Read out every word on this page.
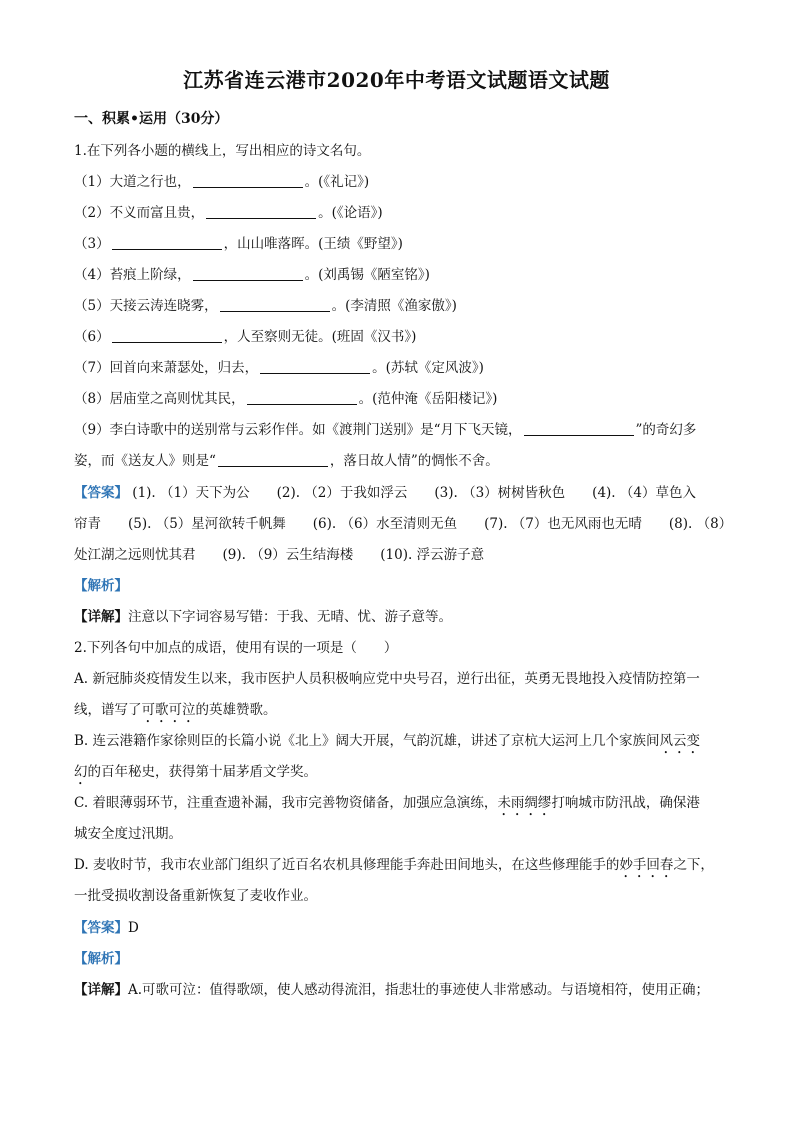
江苏省连云港市2020年中考语文试题语文试题
一、积累•运用（30分）
1.在下列各小题的横线上，写出相应的诗文名句。
（1）大道之行也，	。(《礼记》)
（2）不义而富且贵，	。(《论语》)
（3）	，山山唯落晖。(王绩《野望》)
（4）苔痕上阶绿，	。(刘禹锡《陋室铭》)
（5）天接云涛连晓雾，	。(李清照《渔家傲》)
（6）	，人至察则无徒。(班固《汉书》)
（7）回首向来萧瑟处，归去，	。(苏轼《定风波》)
（8）居庙堂之高则忧其民，	。(范仲淹《岳阳楼记》)
（9）李白诗歌中的送别常与云彩作伴。如《渡荆门送别》是“月下飞天镜，	”的奇幻多
姿，而《送友人》则是“	，落日故人情”的惆怅不舍。
【答案】 (1). （1）天下为公　　(2). （2）于我如浮云　　(3). （3）树树皆秋色　　(4). （4）草色入
帘青　　(5). （5）星河欲转千帆舞　　(6). （6）水至清则无鱼　　(7). （7）也无风雨也无晴　　(8). （8）
处江湖之远则忧其君　　(9). （9）云生结海楼　　(10). 浮云游子意
【解析】
【详解】注意以下字词容易写错：于我、无晴、忧、游子意等。
2.下列各句中加点的成语，使用有误的一项是（　　）
A. 新冠肺炎疫情发生以来，我市医护人员积极响应党中央号召，逆行出征，英勇无畏地投入疫情防控第一
线，谱写了可歌可泣的英雄赞歌。
B. 连云港籍作家徐则臣的长篇小说《北上》阔大开展，气韵沉雄，讲述了京杭大运河上几个家族间风云变
幻的百年秘史，获得第十届茅盾文学奖。
C. 着眼薄弱环节，注重查遗补漏，我市完善物资储备，加强应急演练，未雨绸缪打响城市防汛战，确保港
城安全度过汛期。
D. 麦收时节，我市农业部门组织了近百名农机具修理能手奔赴田间地头，在这些修理能手的妙手回春之下，
一批受损收割设备重新恢复了麦收作业。
【答案】D
【解析】
【详解】A.可歌可泣：值得歌颂，使人感动得流泪，指悲壮的事迹使人非常感动。与语境相符，使用正确；
